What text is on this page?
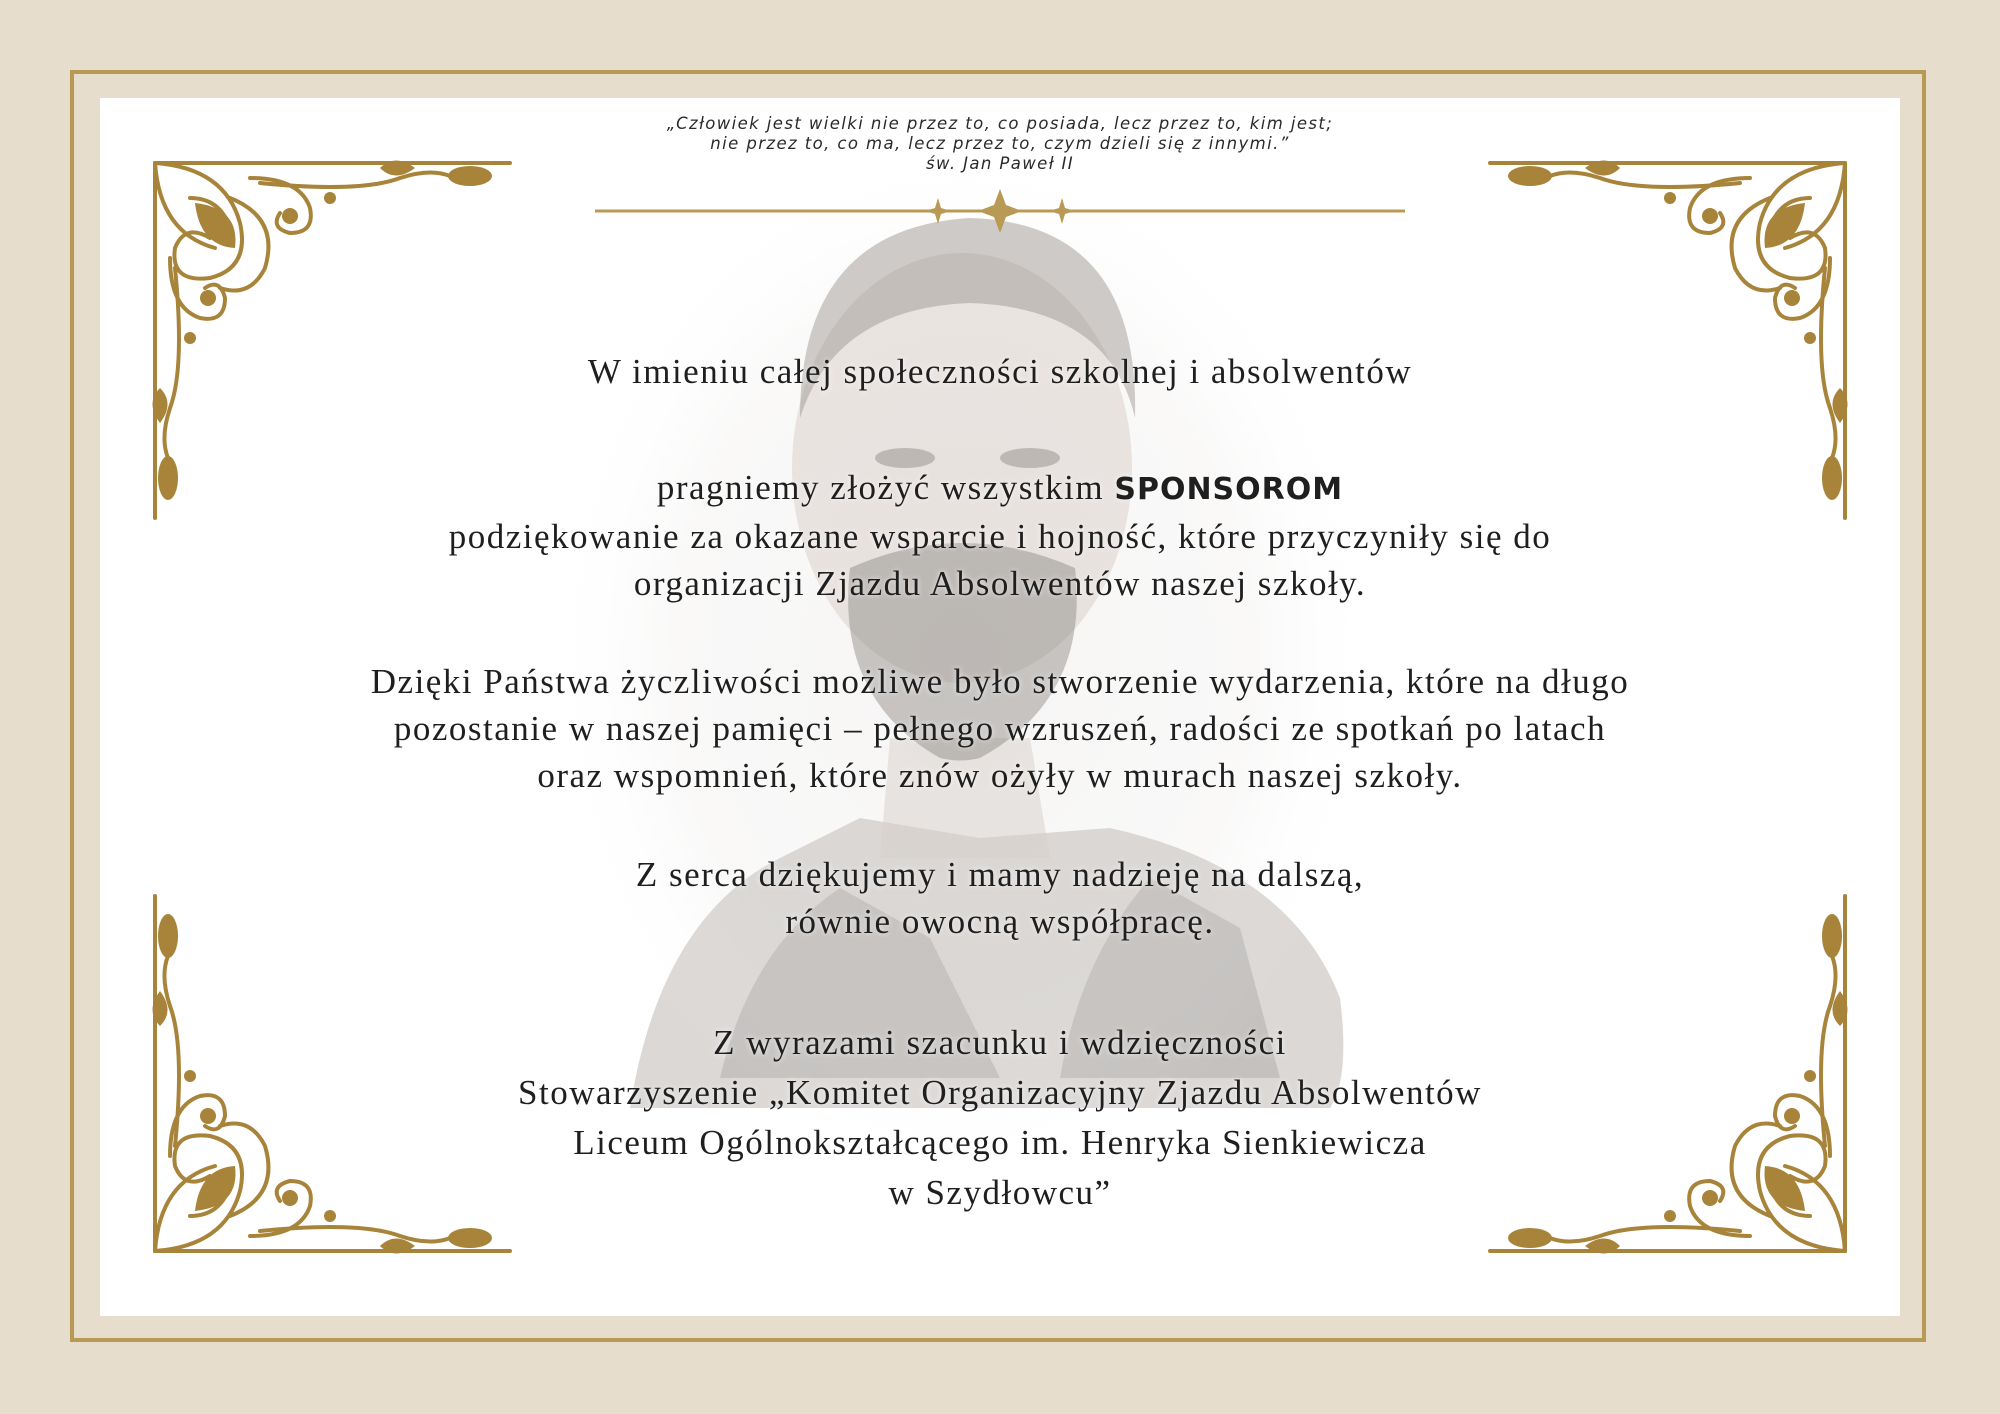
„Człowiek jest wielki nie przez to, co posiada, lecz przez to, kim jest;
nie przez to, co ma, lecz przez to, czym dzieli się z innymi.”
św. Jan Paweł II
W imieniu całej społeczności szkolnej i absolwentów
pragniemy złożyć wszystkim SPONSOROM
podziękowanie za okazane wsparcie i hojność, które przyczyniły się do
organizacji Zjazdu Absolwentów naszej szkoły.
Dzięki Państwa życzliwości możliwe było stworzenie wydarzenia, które na długo
pozostanie w naszej pamięci – pełnego wzruszeń, radości ze spotkań po latach
oraz wspomnień, które znów ożyły w murach naszej szkoły.
Z serca dziękujemy i mamy nadzieję na dalszą,
równie owocną współpracę.
Z wyrazami szacunku i wdzięczności
Stowarzyszenie „Komitet Organizacyjny Zjazdu Absolwentów
Liceum Ogólnokształcącego im. Henryka Sienkiewicza
w Szydłowcu”
